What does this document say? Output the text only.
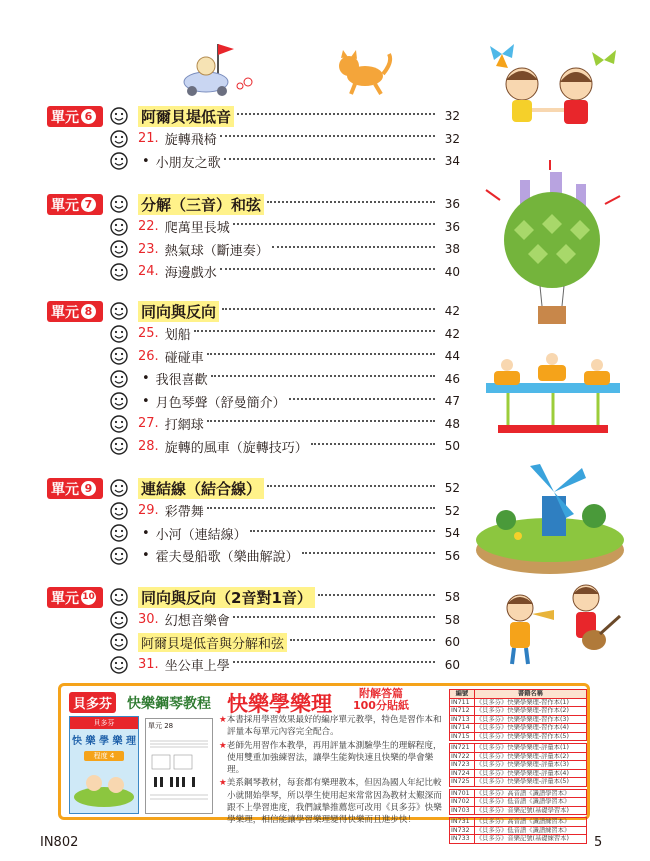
單元 6	阿爾貝堤低音	32
21. 旋轉飛椅	32
• 小朋友之歌	34
單元 7	分解（三音）和弦	36
22. 爬萬里長城	36
23. 熱氣球（斷連奏）	38
24. 海邊戲水	40
單元 8	同向與反向	42
25. 划船	42
26. 碰碰車	44
• 我很喜歡	46
• 月色琴聲（舒曼簡介）	47
27. 打網球	48
28. 旋轉的風車（旋轉技巧）	50
單元 9	連結線（結合線）	52
29. 彩帶舞	52
• 小河（連結線）	54
• 霍夫曼船歌（樂曲解說）	56
單元 10	同向與反向（2音對1音）	58
30. 幻想音樂會	58
阿爾貝堤低音與分解和弦	60
31. 坐公車上學	60
貝多芬 快樂鋼琴教程 快樂學樂理	附解答篇
100分貼紙
貝多芬
快 樂 學 樂 理
程度 4
單元 28

★本書採用學習效果最好的編序單元教學，特色是習作本和評量本每單元內容完全配合。

★老師先用習作本教學，再用評量本測驗學生的理解程度，使用雙重加強練習法，讓學生能夠快速且快樂的學會樂理。

★美系鋼琴教材，每套都有樂理教本，但因為國人年紀比較小就開始學琴，所以學生使用起來常常因為教材太艱深而跟不上學習進度，我們誠摯推薦您可改用《貝多芬》快樂學樂理，相信能讓學習樂理變得快樂而且進步快！

編號	書籍名稱
IN711	《貝多芬》快樂學樂理-習作本(1)
IN712	《貝多芬》快樂學樂理-習作本(2)
IN713	《貝多芬》快樂學樂理-習作本(3)
IN714	《貝多芬》快樂學樂理-習作本(4)
IN715	《貝多芬》快樂學樂理-習作本(5)

IN721	《貝多芬》快樂學樂理-評量本(1)
IN722	《貝多芬》快樂學樂理-評量本(2)
IN723	《貝多芬》快樂學樂理-評量本(3)
IN724	《貝多芬》快樂學樂理-評量本(4)
IN725	《貝多芬》快樂學樂理-評量本(5)

IN701	《貝多芬》高音譜《識譜學習本》
IN702	《貝多芬》低音譜《識譜學習本》
IN703	《貝多芬》音樂記號(基礎學習本)

IN731	《貝多芬》高音譜《識譜練習本》
IN732	《貝多芬》低音譜《識譜練習本》
IN733	《貝多芬》音樂記號(基礎練習本)
IN802	5
